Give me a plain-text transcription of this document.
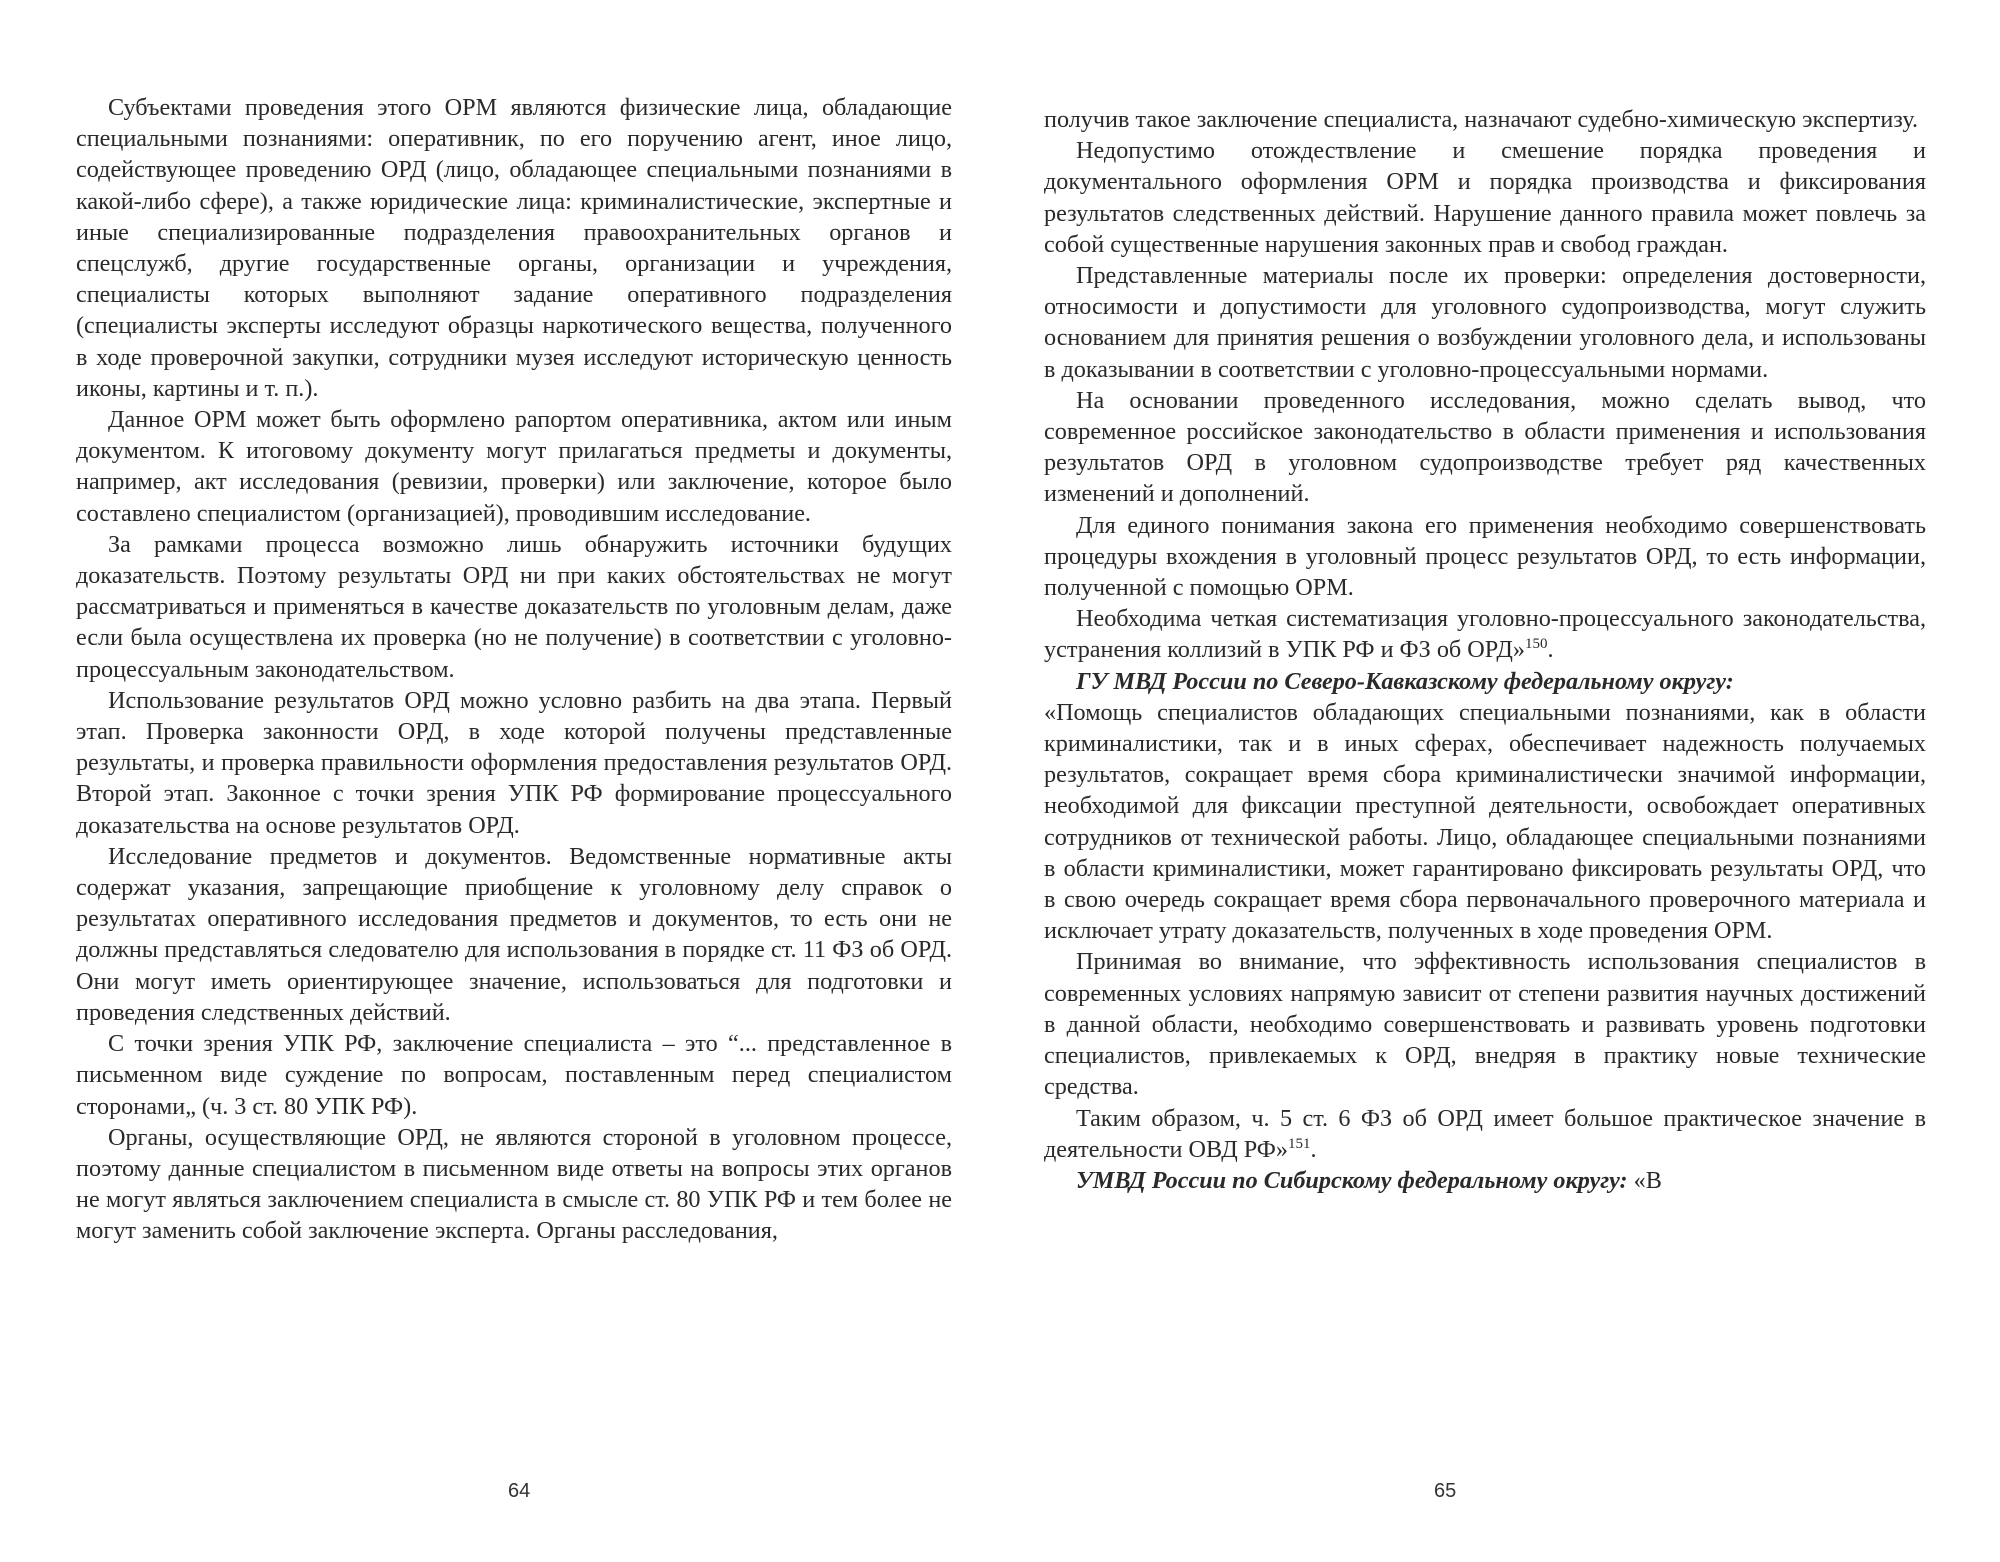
Субъектами проведения этого ОРМ являются физические лица, обладающие специальными познаниями: оперативник, по его поручению агент, иное лицо, содействующее проведению ОРД (лицо, обладающее специальными познаниями в какой-либо сфере), а также юридические лица: криминалистические, экспертные и иные специализированные подразделения правоохранительных органов и спецслужб, другие государственные органы, организации и учреждения, специалисты которых выполняют задание оперативного подразделения (специалисты эксперты исследуют образцы наркотического вещества, полученного в ходе проверочной закупки, сотрудники музея исследуют историческую ценность иконы, картины и т. п.).

Данное ОРМ может быть оформлено рапортом оперативника, актом или иным документом. К итоговому документу могут прилагаться предметы и документы, например, акт исследования (ревизии, проверки) или заключение, которое было составлено специалистом (организацией), проводившим исследование.

За рамками процесса возможно лишь обнаружить источники будущих доказательств. Поэтому результаты ОРД ни при каких обстоятельствах не могут рассматриваться и применяться в качестве доказательств по уголовным делам, даже если была осуществлена их проверка (но не получение) в соответствии с уголовно-процессуальным законодательством.

Использование результатов ОРД можно условно разбить на два этапа. Первый этап. Проверка законности ОРД, в ходе которой получены представленные результаты, и проверка правильности оформления предоставления результатов ОРД. Второй этап. Законное с точки зрения УПК РФ формирование процессуального доказательства на основе результатов ОРД.

Исследование предметов и документов. Ведомственные нормативные акты содержат указания, запрещающие приобщение к уголовному делу справок о результатах оперативного исследования предметов и документов, то есть они не должны представляться следователю для использования в порядке ст. 11 ФЗ об ОРД. Они могут иметь ориентирующее значение, использоваться для подготовки и проведения следственных действий.

С точки зрения УПК РФ, заключение специалиста – это “... представленное в письменном виде суждение по вопросам, поставленным перед специалистом сторонами„ (ч. 3 ст. 80 УПК РФ).

Органы, осуществляющие ОРД, не являются стороной в уголовном процессе, поэтому данные специалистом в письменном виде ответы на вопросы этих органов не могут являться заключением специалиста в смысле ст. 80 УПК РФ и тем более не могут заменить собой заключение эксперта. Органы расследования,

64

получив такое заключение специалиста, назначают судебно-химическую экспертизу.

Недопустимо отождествление и смешение порядка проведения и документального оформления ОРМ и порядка производства и фиксирования результатов следственных действий. Нарушение данного правила может повлечь за собой существенные нарушения законных прав и свобод граждан.

Представленные материалы после их проверки: определения достоверности, относимости и допустимости для уголовного судопроизводства, могут служить основанием для принятия решения о возбуждении уголовного дела, и использованы в доказывании в соответствии с уголовно-процессуальными нормами.

На основании проведенного исследования, можно сделать вывод, что современное российское законодательство в области применения и использования результатов ОРД в уголовном судопроизводстве требует ряд качественных изменений и дополнений.

Для единого понимания закона его применения необходимо совершенствовать процедуры вхождения в уголовный процесс результатов ОРД, то есть информации, полученной с помощью ОРМ.

Необходима четкая систематизация уголовно-процессуального законодательства, устранения коллизий в УПК РФ и ФЗ об ОРД»$^{150}$.

ГУ МВД России по Северо-Кавказскому федеральному округу:

«Помощь специалистов обладающих специальными познаниями, как в области криминалистики, так и в иных сферах, обеспечивает надежность получаемых результатов, сокращает время сбора криминалистически значимой информации, необходимой для фиксации преступной деятельности, освобождает оперативных сотрудников от технической работы. Лицо, обладающее специальными познаниями в области криминалистики, может гарантировано фиксировать результаты ОРД, что в свою очередь сокращает время сбора первоначального проверочного материала и исключает утрату доказательств, полученных в ходе проведения ОРМ.

Принимая во внимание, что эффективность использования специалистов в современных условиях напрямую зависит от степени развития научных достижений в данной области, необходимо совершенствовать и развивать уровень подготовки специалистов, привлекаемых к ОРД, внедряя в практику новые технические средства.

Таким образом, ч. 5 ст. 6 ФЗ об ОРД имеет большое практическое значение в деятельности ОВД РФ»$^{151}$.

УМВД России по Сибирскому федеральному округу: «В

65
